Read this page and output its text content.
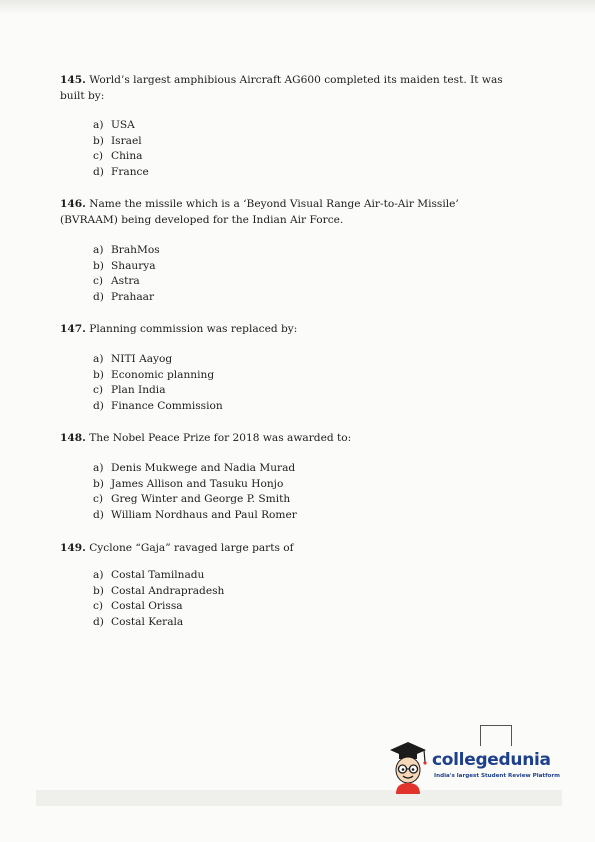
145. World’s largest amphibious Aircraft AG600 completed its maiden test. It was built by:
a) USA
b) Israel
c) China
d) France
146. Name the missile which is a ‘Beyond Visual Range Air-to-Air Missile’ (BVRAAM) being developed for the Indian Air Force.
a) BrahMos
b) Shaurya
c) Astra
d) Prahaar
147. Planning commission was replaced by:
a) NITI Aayog
b) Economic planning
c) Plan India
d) Finance Commission
148. The Nobel Peace Prize for 2018 was awarded to:
a) Denis Mukwege and Nadia Murad
b) James Allison and Tasuku Honjo
c) Greg Winter and George P. Smith
d) William Nordhaus and Paul Romer
149. Cyclone “Gaja” ravaged large parts of
a) Costal Tamilnadu
b) Costal Andrapradesh
c) Costal Orissa
d) Costal Kerala
collegedunia
India's largest Student Review Platform
